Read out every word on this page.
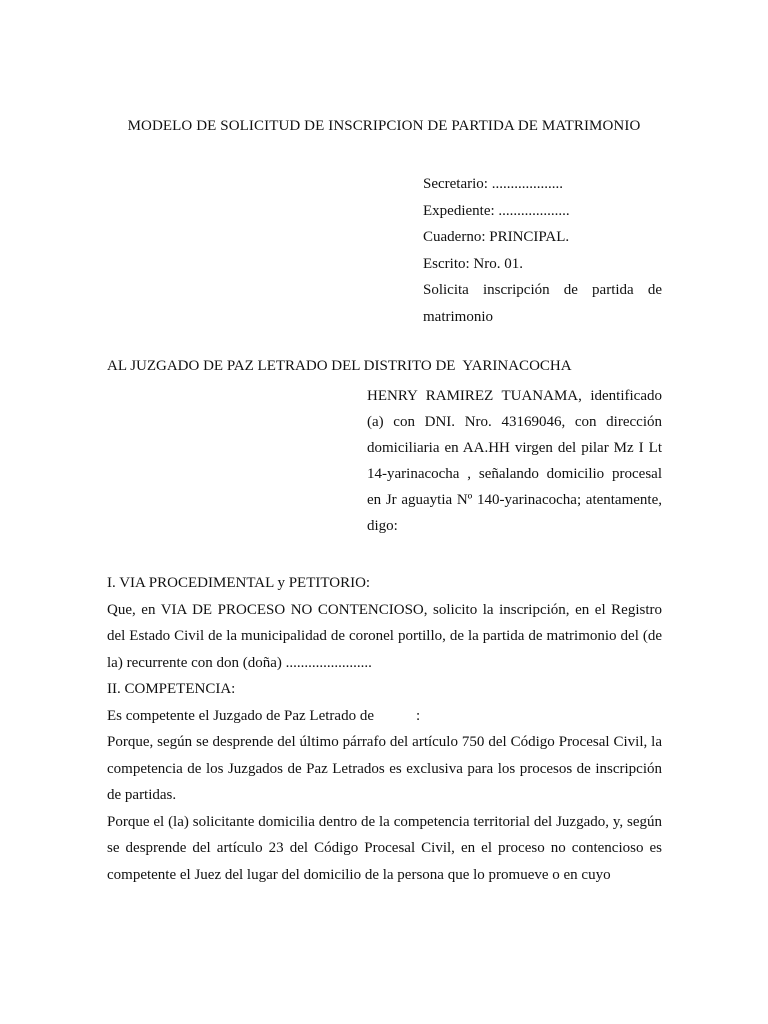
MODELO DE SOLICITUD DE INSCRIPCION DE PARTIDA DE MATRIMONIO
Secretario: ...................
Expediente: ...................
Cuaderno: PRINCIPAL.
Escrito: Nro. 01.
Solicita inscripción de partida de
matrimonio
AL JUZGADO DE PAZ LETRADO DEL DISTRITO DE  YARINACOCHA
HENRY RAMIREZ TUANAMA, identificado (a) con DNI. Nro. 43169046, con dirección domiciliaria en AA.HH virgen del pilar Mz I Lt 14-yarinacocha , señalando domicilio procesal en Jr aguaytia Nº 140-yarinacocha; atentamente, digo:
I. VIA PROCEDIMENTAL y PETITORIO:
Que, en VIA DE PROCESO NO CONTENCIOSO, solicito la inscripción, en el Registro del Estado Civil de la municipalidad de coronel portillo, de la partida de matrimonio del (de la) recurrente con don (doña) .......................
II. COMPETENCIA:
Es competente el Juzgado de Paz Letrado de	:
Porque, según se desprende del último párrafo del artículo 750 del Código Procesal Civil, la competencia de los Juzgados de Paz Letrados es exclusiva para los procesos de inscripción de partidas.
Porque el (la) solicitante domicilia dentro de la competencia territorial del Juzgado, y, según se desprende del artículo 23 del Código Procesal Civil, en el proceso no contencioso es competente el Juez del lugar del domicilio de la persona que lo promueve o en cuyo
